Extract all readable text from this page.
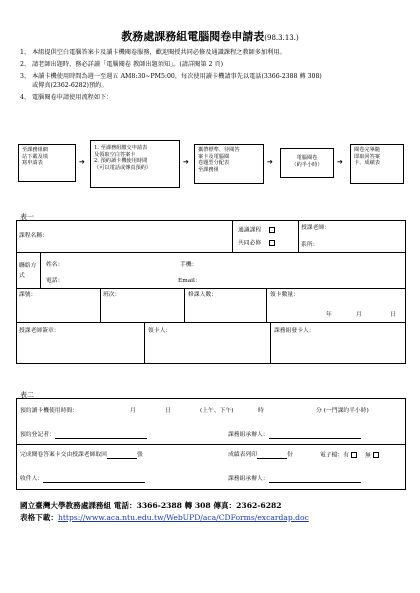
教務處課務組電腦閱卷申請表(98.3.13.)
1、 本組提供空白電腦答案卡及讀卡機閱卷服務，歡迎閱授共同必修及通識課程之教師多加利用。
2、 請老師出題時，務必詳讀「電腦閱卷 教師出題須知」。(請詳閱第 2 頁)
3、 本讀卡機使用時間為週一至週五 AM8:30~PM5:00，每次使用讀卡機請事先以電話(3366-2388 轉 308)
或傳真(2362-6282)預約。
4、 電腦閱卷申請使用流程如下：
至課務組網
站下載及填
寫申請表	➔
1. 至課務組繳交申請表
及領取空白答案卡
2. 預約讀卡機使用時間
（可以電話或傳真預約）
➔
攜帶標準、待閱答
案卡及電腦閱
卷題型分配表
至課務組
➔	電腦閱卷
（約半小時）	➔
閱卷完畢隨
即取回答案
卡、成績表
表一
課程名稱：
通識課程
共同必修
授課老師：
系所：
聯絡方式
姓名：	手機：
電話：	Email：
課號：	班次：	修課人數：	領卡數量：
年	月	日
授課老師簽章：	領卡人：	課務組發卡人：
表二
預約讀卡機使用時間：	月	日	(上午、下午)	時	分 (一門課約半小時)
預約登記者：	課務組承辦人：
完成閱卷答案卡交由授課老師取回	張	成績表列印	份	電子檔：有	無
收件人：	課務組承辦人：
國立臺灣大學教務處課務組 電話：3366-2388 轉 308 傳真：2362-6282
表格下載：https://www.aca.ntu.edu.tw/WebUPD/aca/CDForms/excardap.doc
